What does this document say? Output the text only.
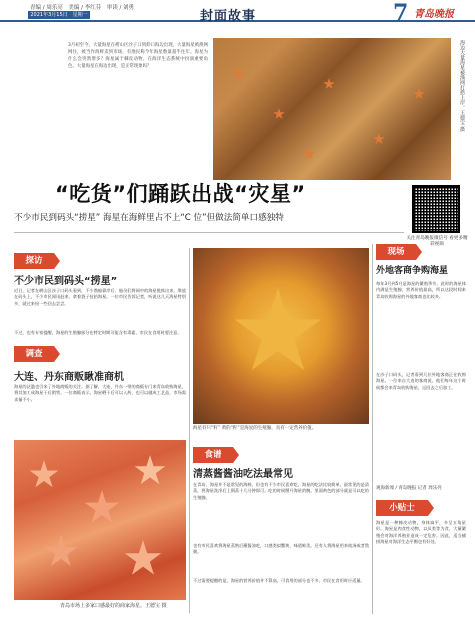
青编 / 周乐亮　美编 / 李红芬　审读 / 刘勇
2021年3月15日　星期一	封面故事	7 青岛晚报
3月初至今，大量海星在崂山区沙子口到仰口海边出现，大量海星被渔网网住，被当作海鲜卖到市场，有渔民称今年海星数量超乎往年。海星为什么会突然增多？海星属于棘皮动物，在海洋生态系统中扮演重要角色。大量海星在海边出现，是正常现象吗？	海边大量海星被渔网打捞上岸。王德宝 摄
关注青岛晚报微信号 看更多精彩视频
“吃货”们踊跃出战“灾星”
不少市民到码头“捞星” 海星在海鲜里占不上“C 位”但做法简单口感独特
探访
不少市民到码头“捞星”
近日，记者在崂山区沙子口码头看到，不少渔船靠岸后，船员们将网中的海星挑拣出来，堆放在码头上。不少市民闻讯赶来，拿着袋子捡拾海星。一位市民告诉记者，听说这几天海星特别多，就过来捡一些回去尝尝。
不过，也有专家提醒，海星的生殖腺部分在特定时期可能含有毒素，市民在食用时要注意。
调查
大连、丹东商贩瞅准商机
海星的泛滥也引来了外地商贩的关注。据了解，大连、丹东一带的商贩专门来青岛收购海星，将其加工成海星干后销售。一位商贩表示，海星晒干后可以入药，也可以做成工艺品，市场需求量不小。
海星有只“籽” 黄的“籽”是海星的生殖腺，具有一定营养价值。
食谱
清蒸酱酱油吃法最常见
在青岛，海星并不是常见的海鲜，但也有不少市民喜欢吃。海星的吃法比较简单，最常见的是清蒸，将海星洗净后上锅蒸十几分钟即可。吃的时候掰开海星的腕，里面黄色的部分就是可以吃的生殖腺。
也有市民喜欢将海星蒸熟后蘸酱油吃，口感类似蟹黄，味道鲜美。还有人将海星用来炖汤或者熬粥。
不过需要提醒的是，海星的营养价值并不算高，可食用的部分也不多，市民在食用时应适量。
青岛市场上多家口感最好的商家海星。王德宝 摄
现场
外地客商争购海星
每年3月到5月是海星的繁殖季节，此时的海星体内满是生殖腺，营养价值最高，所以这段时间来青岛收购海星的外地客商也比较多。
在沙子口码头，记者看到几位外地客商正在收购海星。一位来自大连的客商说，他们每年这个时候都会来青岛收购海星，运回去之后加工。
观海新闻 / 青岛晚报 记者 周乐亮
小贴士
海星是一种棘皮动物，身体扁平，多呈五角星形。海星是肉食性动物，以贝类等为食，大量繁殖会对海洋养殖业造成一定危害。因此，适当捕捞海星对海洋生态平衡也有好处。
